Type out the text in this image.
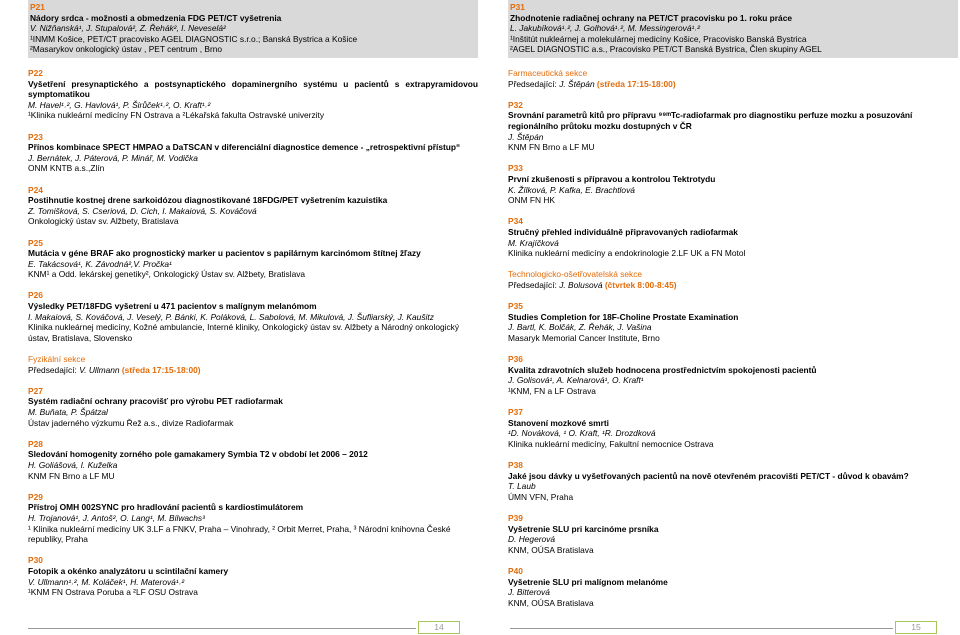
P21
Nádory srdca - možnosti a obmedzenia FDG PET/CT vyšetrenia
V. Nižňanská¹, J. Stupalová², Z. Řehák², I. Neveselá²
¹INMM Košice, PET/CT pracovisko AGEL DIAGNOSTIC s.r.o.; Banská Bystrica a Košice
²Masarykov onkologický ústav , PET centrum , Brno
P22
Vyšetření presynaptického a postsynaptického dopaminergního systému u pacientů s extrapyramidovou symptomatikou
M. Havel¹˒², G. Havlová¹, P. Širůček¹˒², O. Kraft¹˒²
¹Klinika nukleární medicíny FN Ostrava a ²Lékařská fakulta Ostravské univerzity
P23
Přínos kombinace SPECT HMPAO a DaTSCAN v diferenciální diagnostice demence - „retrospektivní přístup“
J. Bernátek, J. Páterová, P. Minář, M. Vodička
ONM KNTB a.s.,Zlín
P24
Postihnutie kostnej drene sarkoidózou diagnostikované 18FDG/PET vyšetrením kazuistika
Z. Tomišková, S. Cseriová, D. Cich, I. Makaiová, S. Kováčová
Onkologický ústav sv. Alžbety, Bratislava
P25
Mutácia v géne BRAF ako prognostický marker u pacientov s papilárnym karcinómom štítnej žľazy
E. Takácsová¹, K. Závodná²,V. Pročka¹
KNM¹ a Odd. lekárskej genetiky², Onkologický Ústav sv. Alžbety, Bratislava
P26
Výsledky PET/18FDG vyšetrení u 471 pacientov s malígnym melanómom
I. Makaiová, S. Kováčová, J. Veselý, P. Bánki, K. Poláková, L. Sabolová, M. Mikulová, J. Šufliarský, J. Kaušitz
Klinika nukleárnej medicíny, Kožné ambulancie, Interné kliniky, Onkologický ústav sv. Alžbety a Národný onkologický ústav, Bratislava, Slovensko
Fyzikální sekce
Předsedající: V. Ullmann (středa 17:15-18:00)
P27
Systém radiační ochrany pracovišť pro výrobu PET radiofarmak
M. Buňata, P. Špátzal
Ústav jaderného výzkumu Řež a.s., divize Radiofarmak
P28
Sledování homogenity zorného pole gamakamery Symbia T2 v období let 2006 – 2012
H. Goliášová, I. Kuželka
KNM FN Brno a LF MU
P29
Přístroj OMH 002SYNC pro hradlování pacientů s kardiostimulátorem
H. Trojanová¹, J. Antoš², O. Lang¹, M. Bilwachs³
¹ Klinika nukleární medicíny UK 3.LF a FNKV, Praha – Vinohrady, ² Orbit Merret, Praha, ³ Národní knihovna České republiky, Praha
P30
Fotopik a okénko analyzátoru u scintilační kamery
V. Ullmann¹˒², M. Koláček¹, H. Materová¹˒²
¹KNM FN Ostrava Poruba a ²LF OSU Ostrava
P31
Zhodnotenie radiačnej ochrany na PET/CT pracovisku po 1. roku práce
L. Jakubíková¹˒², J. Golhová¹˒², M. Messingerová¹˒²
¹Inštitút nukleárnej a molekulárnej medicíny Košice, Pracovisko Banská Bystrica
²AGEL DIAGNOSTIC a.s., Pracovisko PET/CT Banská Bystrica, Člen skupiny AGEL
Farmaceutická sekce
Předsedající: J. Štěpán (středa 17:15-18:00)
P32
Srovnání parametrů kitů pro přípravu ⁹⁹ᵐTc-radiofarmak pro diagnostiku perfuze mozku a posuzování regionálního průtoku mozku dostupných v ČR
J. Štěpán
KNM FN Brno a LF MU
P33
První zkušenosti s přípravou a kontrolou Tektrotydu
K. Žílková, P. Kafka, E. Brachtlová
ONM FN HK
P34
Stručný přehled individuálně připravovaných radiofarmak
M. Krajíčková
Klinika nukleární medicíny a endokrinologie 2.LF UK a FN Motol
Technologicko-ošetřovatelská sekce
Předsedající: J. Bolusová (čtvrtek 8:00-8:45)
P35
Studies Completion for 18F-Choline Prostate Examination
J. Bartl, K. Bolčák, Z. Řehák, J. Vašina
Masaryk Memorial Cancer Institute, Brno
P36
Kvalita zdravotních služeb hodnocena prostřednictvím spokojenosti pacientů
J. Golisová¹, A. Kelnarová¹, O. Kraft¹
¹KNM, FN a LF Ostrava
P37
Stanovení mozkové smrti
¹D. Nováková, ¹ O. Kraft, ¹R. Drozdková
Klinika nukleární medicíny, Fakultní nemocnice Ostrava
P38
Jaké jsou dávky u vyšetřovaných pacientů na nově otevřeném pracovišti PET/CT - důvod k obavám?
T. Laub
ÚMN VFN, Praha
P39
Vyšetrenie SLU pri karcinóme prsníka
D. Hegerová
KNM, OÚSA Bratislava
P40
Vyšetrenie SLU pri malígnom melanóme
J. Bitterová
KNM, OÚSA Bratislava
14	15
